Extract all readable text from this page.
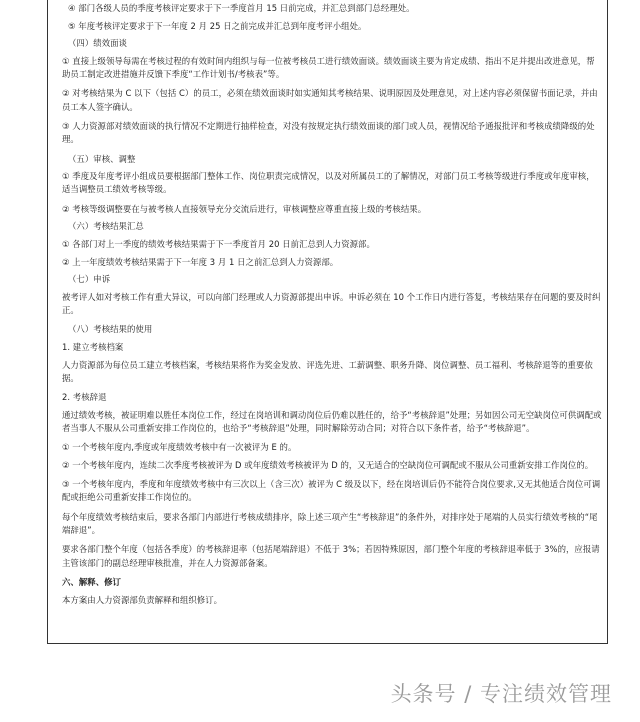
④ 部门各级人员的季度考核评定要求于下一季度首月 15 日前完成，并汇总到部门总经理处。
⑤ 年度考核评定要求于下一年度 2 月 25 日之前完成并汇总到年度考评小组处。
（四）绩效面谈
① 直接上级领导每需在考核过程的有效时间内组织与每一位被考核员工进行绩效面谈。绩效面谈主要为肯定成绩、指出不足并提出改进意见，帮助员工制定改进措施并反馈下季度“工作计划书/考核表”等。
② 对考核结果为 C 以下（包括 C）的员工，必须在绩效面谈时如实通知其考核结果、说明原因及处理意见，对上述内容必须保留书面记录，并由员工本人签字确认。
③ 人力资源部对绩效面谈的执行情况不定期进行抽样检查，对没有按规定执行绩效面谈的部门或人员，视情况给予通报批评和考核成绩降级的处理。
（五）审核、调整
① 季度及年度考评小组成员要根据部门整体工作、岗位职责完成情况，以及对所属员工的了解情况，对部门员工考核等级进行季度或年度审核，适当调整员工绩效考核等级。
② 考核等级调整要在与被考核人直接领导充分交流后进行，审核调整应尊重直接上级的考核结果。
（六）考核结果汇总
① 各部门对上一季度的绩效考核结果需于下一季度首月 20 日前汇总到人力资源部。
② 上一年度绩效考核结果需于下一年度 3 月 1 日之前汇总到人力资源部。
（七）申诉
被考评人如对考核工作有重大异议，可以向部门经理或人力资源部提出申诉。申诉必须在 10 个工作日内进行答复，考核结果存在问题的要及时纠正。
（八）考核结果的使用
1. 建立考核档案
人力资源部为每位员工建立考核档案，考核结果将作为奖金发放、评选先进、工薪调整、职务升降、岗位调整、员工福利、考核辞退等的重要依据。
2. 考核辞退
通过绩效考核，被证明难以胜任本岗位工作，经过在岗培训和调动岗位后仍难以胜任的，给予“考核辞退”处理；另如因公司无空缺岗位可供调配或者当事人不服从公司重新安排工作岗位的，也给予“考核辞退”处理，同时解除劳动合同；对符合以下条件者，给予“考核辞退”。
① 一个考核年度内,季度或年度绩效考核中有一次被评为 E 的。
② 一个考核年度内，连续二次季度考核被评为 D 或年度绩效考核被评为 D 的，又无适合的空缺岗位可调配或不服从公司重新安排工作岗位的。
③ 一个考核年度内，季度和年度绩效考核中有三次以上（含三次）被评为 C 级及以下，经在岗培训后仍不能符合岗位要求,又无其他适合岗位可调配或拒绝公司重新安排工作岗位的。
每个年度绩效考核结束后，要求各部门内部进行考核成绩排序，除上述三项产生“考核辞退”的条件外，对排序处于尾端的人员实行绩效考核的“尾端辞退”。
要求各部门整个年度（包括各季度）的考核辞退率（包括尾端辞退）不低于 3%；若因特殊原因，部门整个年度的考核辞退率低于 3%的，应报请主管该部门的副总经理审核批准，并在人力资源部备案。
六、解释、修订
本方案由人力资源部负责解释和组织修订。
头条号 / 专注绩效管理
